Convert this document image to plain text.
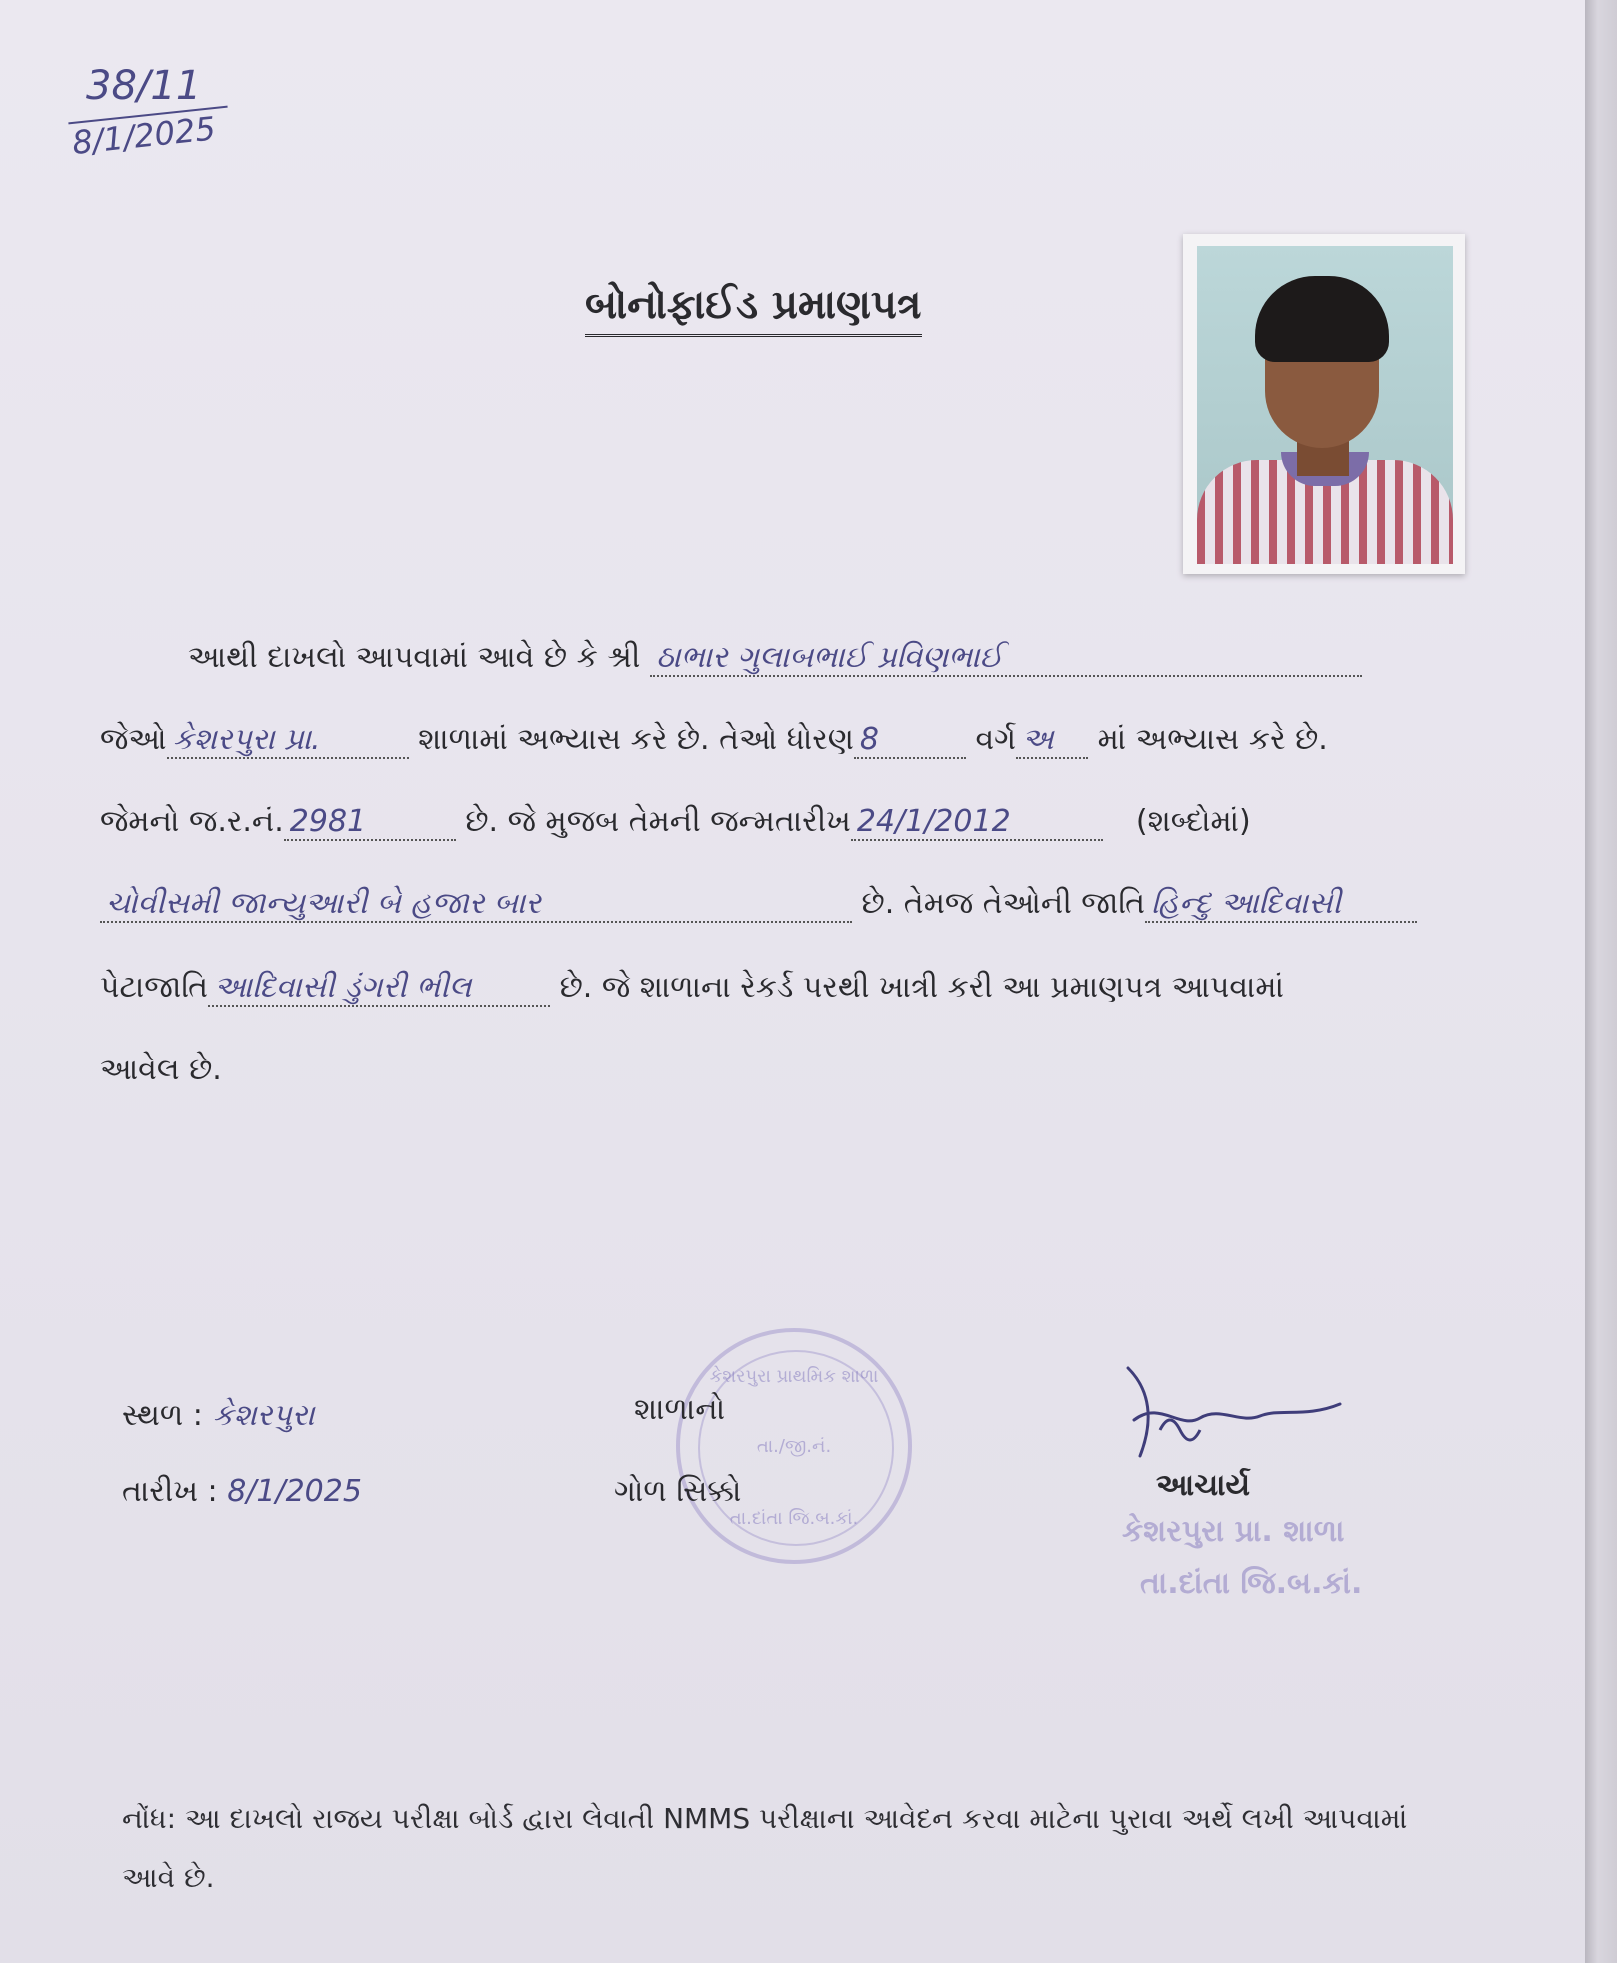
38/11
8/1/2025
બોનોફાઈડ પ્રમાણપત્ર
આથી દાખલો આપવામાં આવે છે કે શ્રી ઠાભાર ગુલાબભાઈ પ્રવિણભાઈ
જેઓ કેશરપુરા પ્રા.	શાળામાં અભ્યાસ કરે છે. તેઓ ધોરણ 8	વર્ગ અ માં અભ્યાસ કરે છે.
જેમનો જ.ર.નં. 2981	છે. જે મુજબ તેમની જન્મતારીખ 24/1/2012	(શબ્દોમાં)
ચોવીસમી જાન્યુઆરી બે હજાર બાર	છે. તેમજ તેઓની જાતિ હિન્દુ આદિવાસી
પેટાજાતિ આદિવાસી ડુંગરી ભીલ	છે. જે શાળાના રેકર્ડ પરથી ખાત્રી કરી આ પ્રમાણપત્ર આપવામાં
આવેલ છે.
સ્થળ : કેશરપુરા
તારીખ : 8/1/2025
કેશરપુરા પ્રાથમિક શાળા
તા./જી.નં.
તા.દાંતા જિ.બ.કાં.
શાળાનો
ગોળ સિક્કો	આચાર્ય
કેશરપુરા પ્રા. શાળા
તા.દાંતા જિ.બ.કાં.
નોંધ: આ દાખલો રાજય પરીક્ષા બોર્ડ દ્વારા લેવાતી NMMS પરીક્ષાના આવેદન કરવા માટેના પુરાવા અર્થે લખી આપવામાં આવે છે.
